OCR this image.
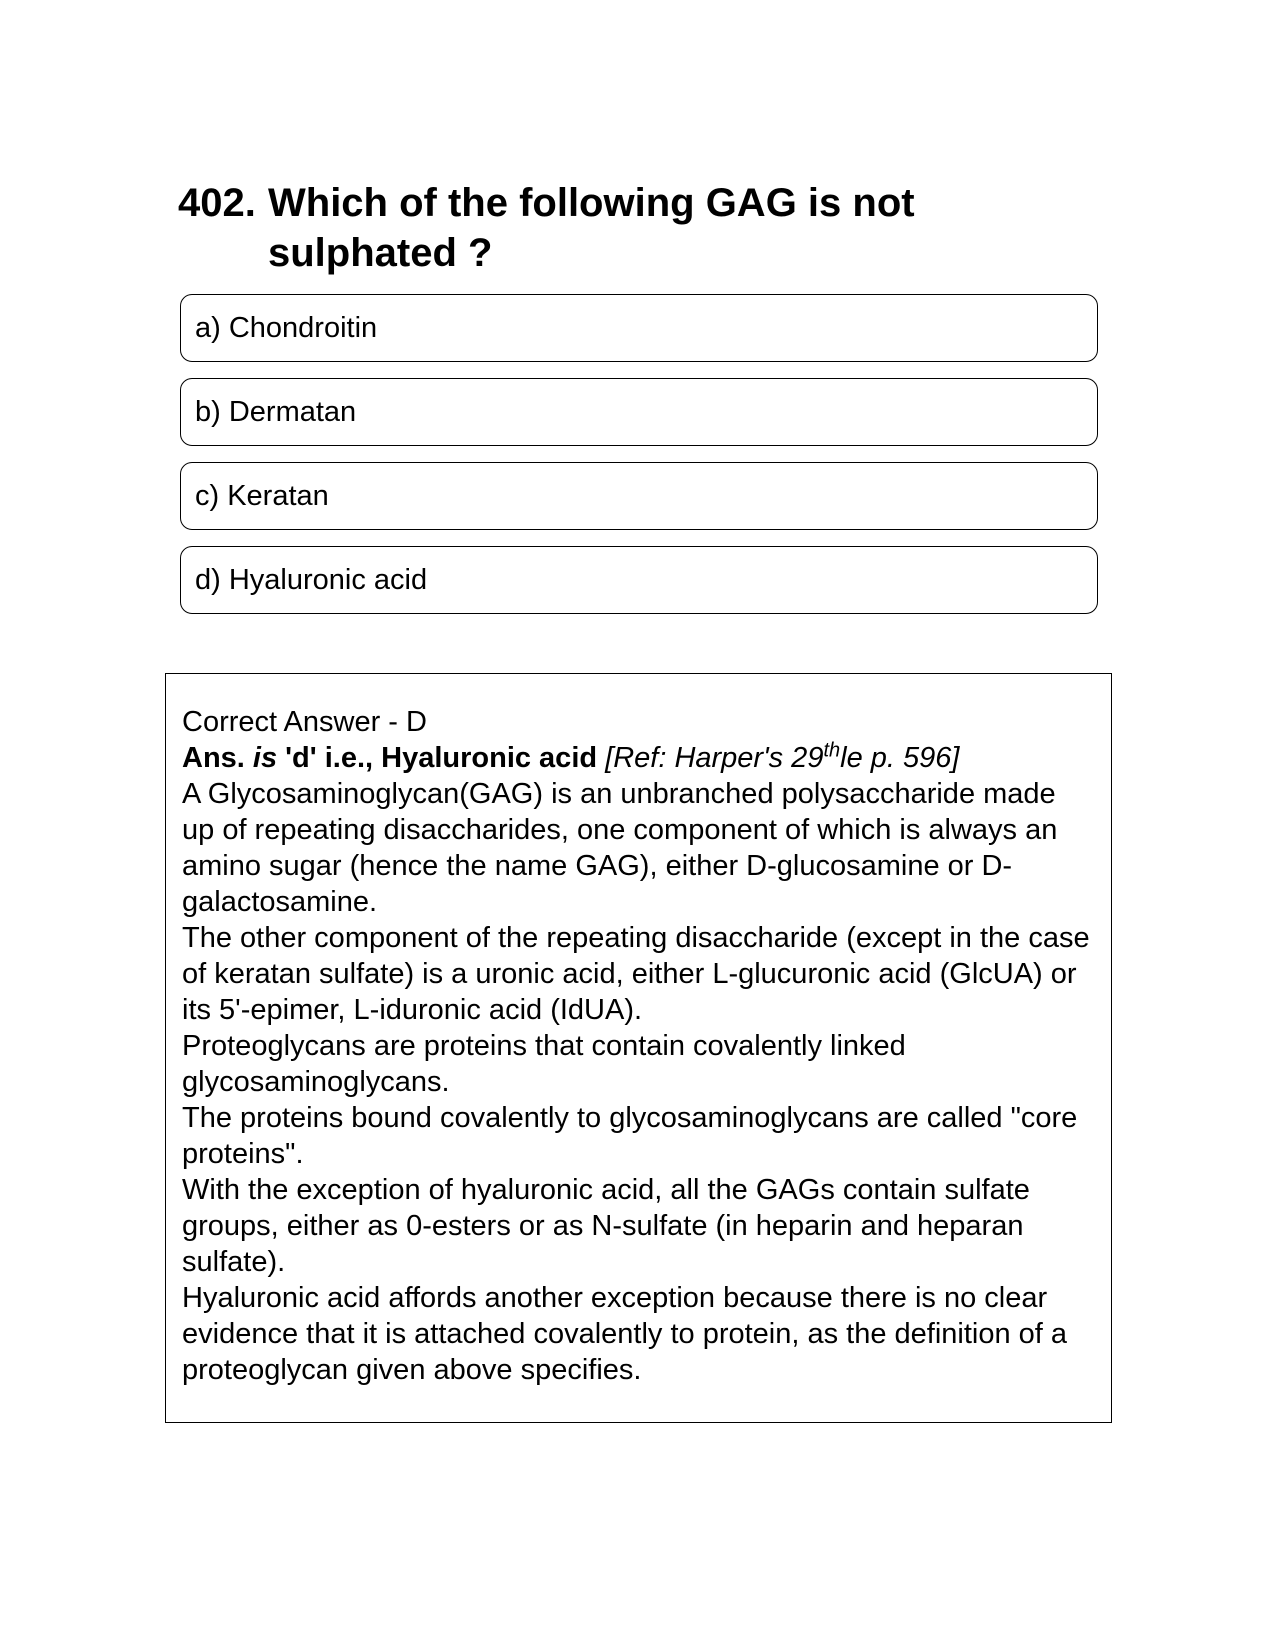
402. Which of the following GAG is not sulphated ?
a) Chondroitin
b) Dermatan
c) Keratan
d) Hyaluronic acid

Correct Answer - D

Ans. is 'd' i.e., Hyaluronic acid [Ref: Harper's 29thle p. 596]

A Glycosaminoglycan(GAG) is an unbranched polysaccharide made up of repeating disaccharides, one component of which is always an amino sugar (hence the name GAG), either D-glucosamine or D-galactosamine.

The other component of the repeating disaccharide (except in the case of keratan sulfate) is a uronic acid, either L-glucuronic acid (GlcUA) or its 5'-epimer, L-iduronic acid (IdUA).

Proteoglycans are proteins that contain covalently linked glycosaminoglycans.

The proteins bound covalently to glycosaminoglycans are called "core proteins".

With the exception of hyaluronic acid, all the GAGs contain sulfate groups, either as 0-esters or as N-sulfate (in heparin and heparan sulfate).

Hyaluronic acid affords another exception because there is no clear evidence that it is attached covalently to protein, as the definition of a proteoglycan given above specifies.
